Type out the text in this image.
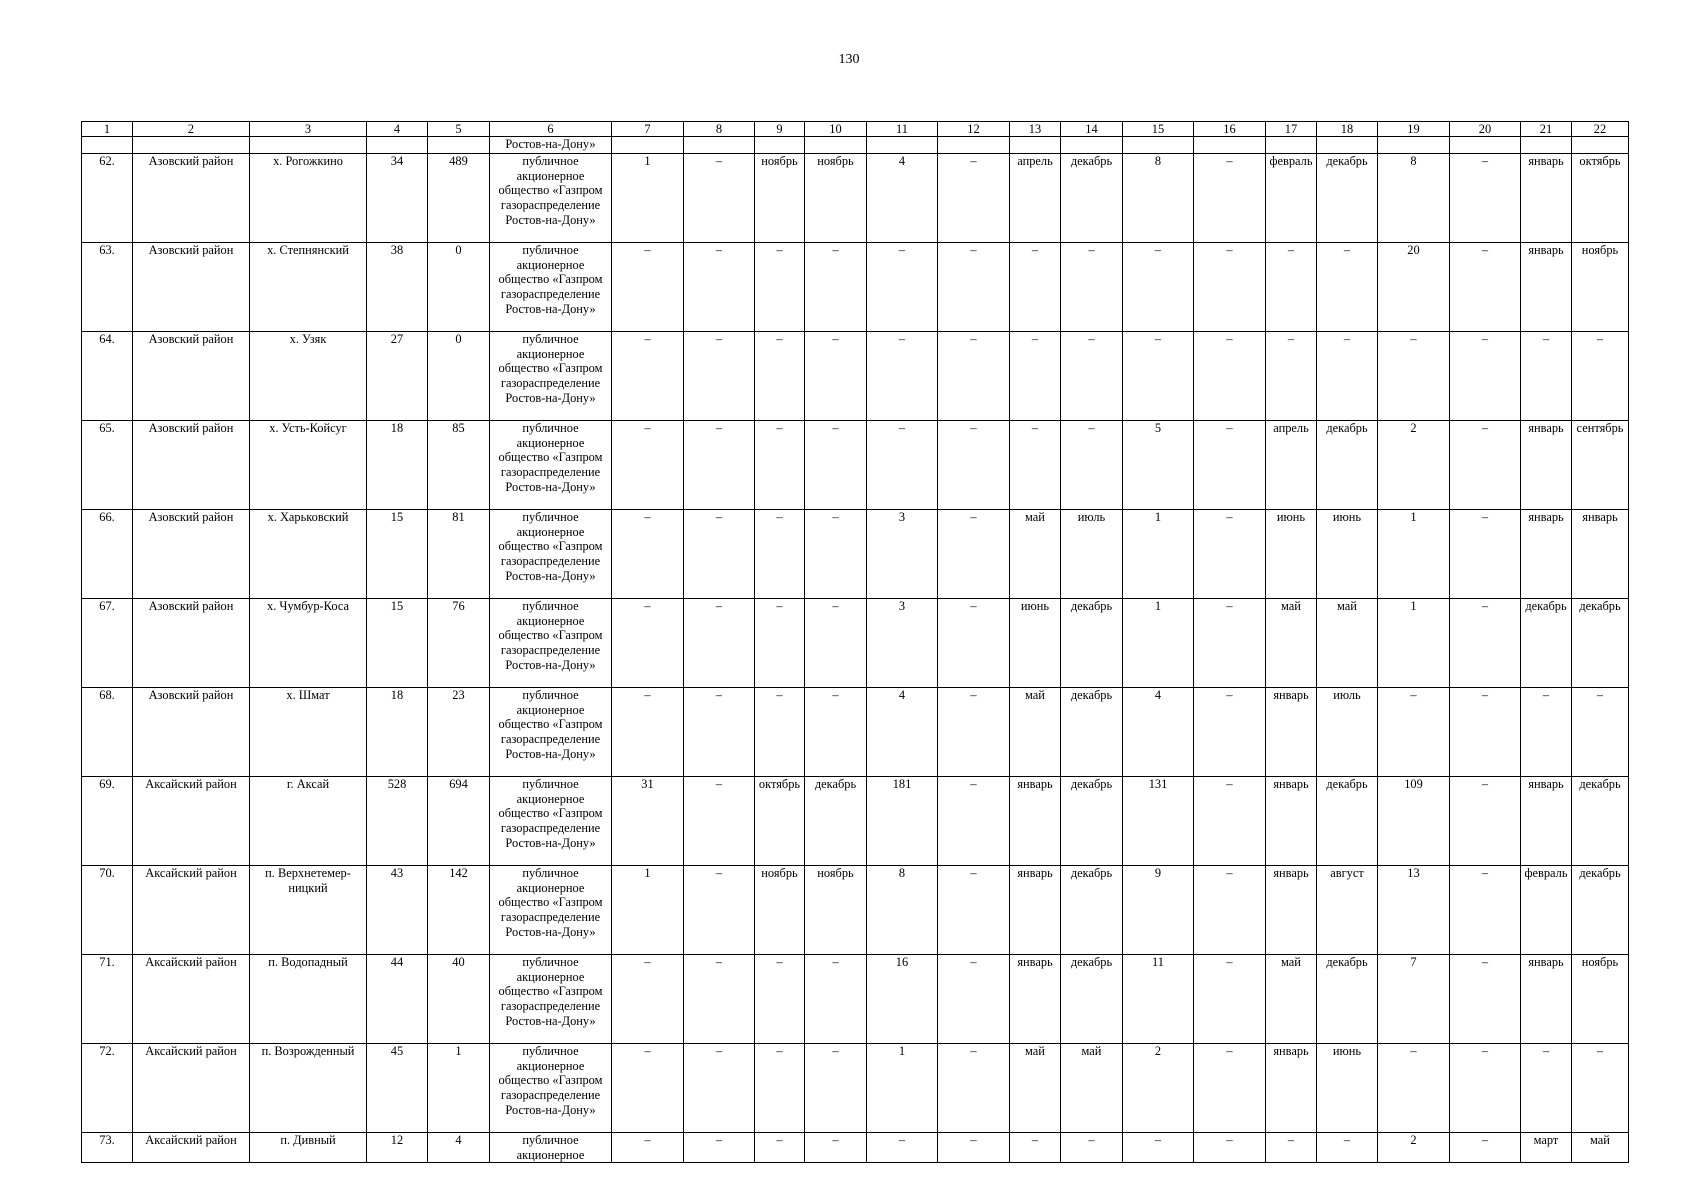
130
1	2	3	4	5	6	7	8	9	10	11	12	13	14	15	16	17	18	19	20	21	22
					Ростов-на-Дону»																
62.	Азовский район	х. Рогожкино	34	489	публичное акционерное общество «Газпром газораспределение Ростов-на-Дону»	1	–	ноябрь	ноябрь	4	–	апрель	декабрь	8	–	февраль	декабрь	8	–	январь	октябрь
63.	Азовский район	х. Степнянский	38	0	публичное акционерное общество «Газпром газораспределение Ростов-на-Дону»	–	–	–	–	–	–	–	–	–	–	–	–	20	–	январь	ноябрь
64.	Азовский район	х. Узяк	27	0	публичное акционерное общество «Газпром газораспределение Ростов-на-Дону»	–	–	–	–	–	–	–	–	–	–	–	–	–	–	–	–
65.	Азовский район	х. Усть-Койсуг	18	85	публичное акционерное общество «Газпром газораспределение Ростов-на-Дону»	–	–	–	–	–	–	–	–	5	–	апрель	декабрь	2	–	январь	сентябрь
66.	Азовский район	х. Харьковский	15	81	публичное акционерное общество «Газпром газораспределение Ростов-на-Дону»	–	–	–	–	3	–	май	июль	1	–	июнь	июнь	1	–	январь	январь
67.	Азовский район	х. Чумбур-Коса	15	76	публичное акционерное общество «Газпром газораспределение Ростов-на-Дону»	–	–	–	–	3	–	июнь	декабрь	1	–	май	май	1	–	декабрь	декабрь
68.	Азовский район	х. Шмат	18	23	публичное акционерное общество «Газпром газораспределение Ростов-на-Дону»	–	–	–	–	4	–	май	декабрь	4	–	январь	июль	–	–	–	–
69.	Аксайский район	г. Аксай	528	694	публичное акционерное общество «Газпром газораспределение Ростов-на-Дону»	31	–	октябрь	декабрь	181	–	январь	декабрь	131	–	январь	декабрь	109	–	январь	декабрь
70.	Аксайский район	п. Верхнетемер-ницкий	43	142	публичное акционерное общество «Газпром газораспределение Ростов-на-Дону»	1	–	ноябрь	ноябрь	8	–	январь	декабрь	9	–	январь	август	13	–	февраль	декабрь
71.	Аксайский район	п. Водопадный	44	40	публичное акционерное общество «Газпром газораспределение Ростов-на-Дону»	–	–	–	–	16	–	январь	декабрь	11	–	май	декабрь	7	–	январь	ноябрь
72.	Аксайский район	п. Возрожденный	45	1	публичное акционерное общество «Газпром газораспределение Ростов-на-Дону»	–	–	–	–	1	–	май	май	2	–	январь	июнь	–	–	–	–
73.	Аксайский район	п. Дивный	12	4	публичное акционерное	–	–	–	–	–	–	–	–	–	–	–	–	2	–	март	май
